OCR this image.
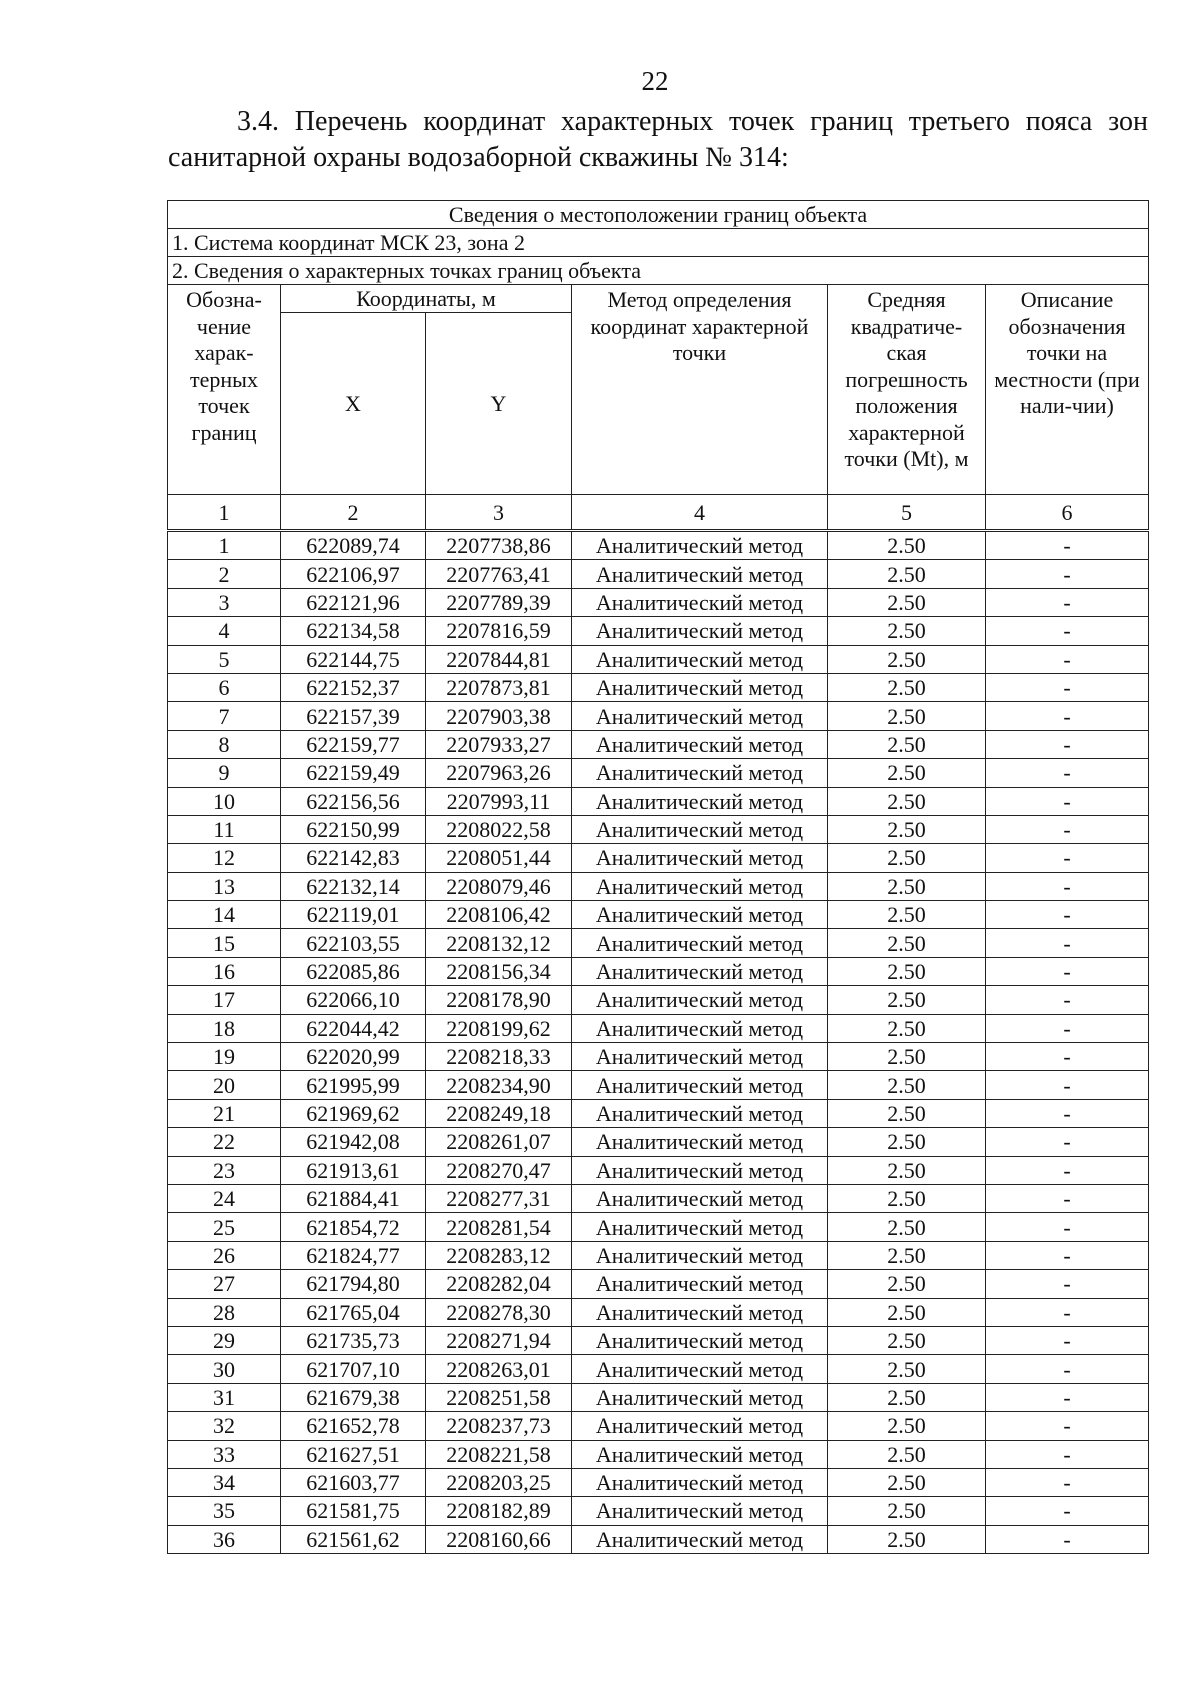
22
3.4. Перечень координат характерных точек границ третьего пояса зон
санитарной охраны водозаборной скважины № 314:
Сведения о местоположении границ объекта					
1. Система координат МСК 23, зона 2					
2. Сведения о характерных точках границ объекта					
Обозна-чение харак-терных точек границ	Координаты, м		Метод определения координат характерной точки	Средняя квадратиче-ская погрешность положения характерной точки (Mt), м	Описание обозначения точки на местности (при нали-чии)
	X	Y			
1	2	3	4	5	6
1	622089,74	2207738,86	Аналитический метод	2.50	-
2	622106,97	2207763,41	Аналитический метод	2.50	-
3	622121,96	2207789,39	Аналитический метод	2.50	-
4	622134,58	2207816,59	Аналитический метод	2.50	-
5	622144,75	2207844,81	Аналитический метод	2.50	-
6	622152,37	2207873,81	Аналитический метод	2.50	-
7	622157,39	2207903,38	Аналитический метод	2.50	-
8	622159,77	2207933,27	Аналитический метод	2.50	-
9	622159,49	2207963,26	Аналитический метод	2.50	-
10	622156,56	2207993,11	Аналитический метод	2.50	-
11	622150,99	2208022,58	Аналитический метод	2.50	-
12	622142,83	2208051,44	Аналитический метод	2.50	-
13	622132,14	2208079,46	Аналитический метод	2.50	-
14	622119,01	2208106,42	Аналитический метод	2.50	-
15	622103,55	2208132,12	Аналитический метод	2.50	-
16	622085,86	2208156,34	Аналитический метод	2.50	-
17	622066,10	2208178,90	Аналитический метод	2.50	-
18	622044,42	2208199,62	Аналитический метод	2.50	-
19	622020,99	2208218,33	Аналитический метод	2.50	-
20	621995,99	2208234,90	Аналитический метод	2.50	-
21	621969,62	2208249,18	Аналитический метод	2.50	-
22	621942,08	2208261,07	Аналитический метод	2.50	-
23	621913,61	2208270,47	Аналитический метод	2.50	-
24	621884,41	2208277,31	Аналитический метод	2.50	-
25	621854,72	2208281,54	Аналитический метод	2.50	-
26	621824,77	2208283,12	Аналитический метод	2.50	-
27	621794,80	2208282,04	Аналитический метод	2.50	-
28	621765,04	2208278,30	Аналитический метод	2.50	-
29	621735,73	2208271,94	Аналитический метод	2.50	-
30	621707,10	2208263,01	Аналитический метод	2.50	-
31	621679,38	2208251,58	Аналитический метод	2.50	-
32	621652,78	2208237,73	Аналитический метод	2.50	-
33	621627,51	2208221,58	Аналитический метод	2.50	-
34	621603,77	2208203,25	Аналитический метод	2.50	-
35	621581,75	2208182,89	Аналитический метод	2.50	-
36	621561,62	2208160,66	Аналитический метод	2.50	-
